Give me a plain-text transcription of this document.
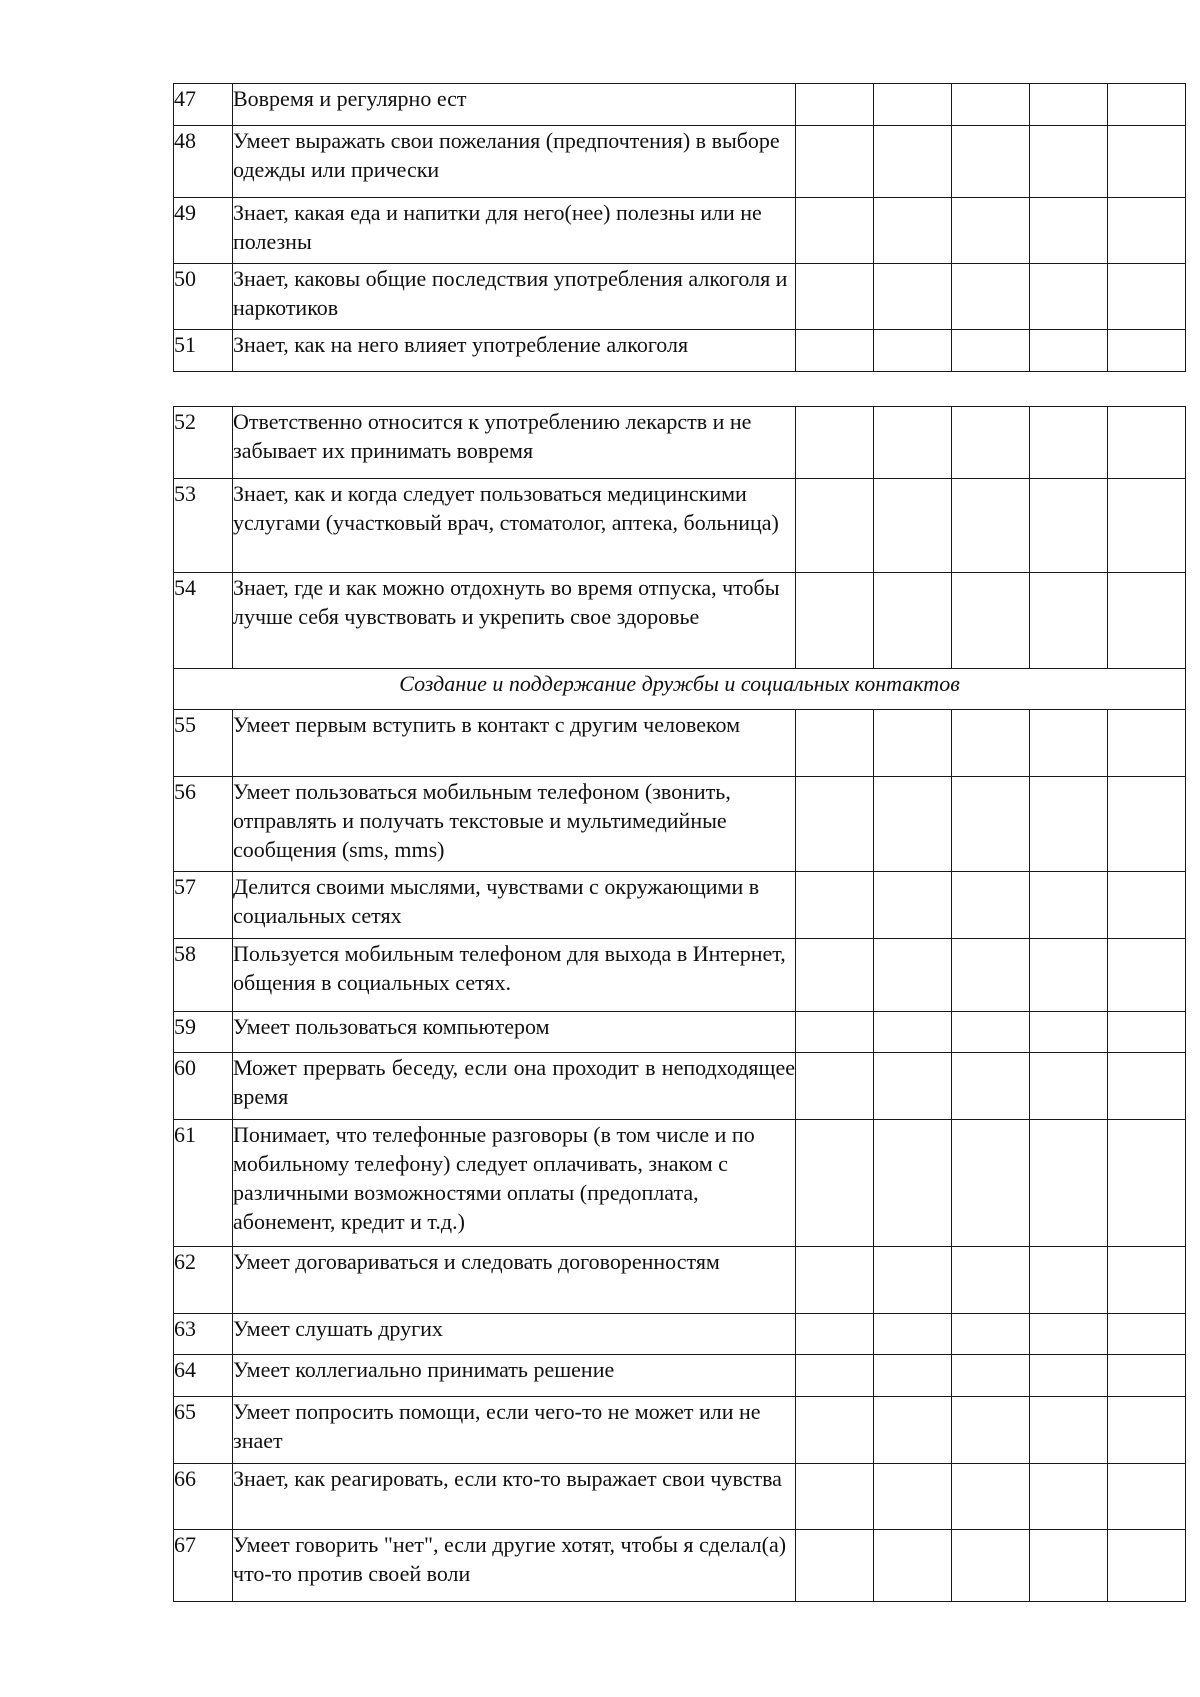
47	Вовремя и регулярно ест					
48	Умеет выражать свои пожелания (предпочтения) в выборе одежды или прически					
49	Знает, какая еда и напитки для него(нее) полезны или не полезны					
50	Знает, каковы общие последствия употребления алкоголя и наркотиков					
51	Знает, как на него влияет употребление алкоголя					
52	Ответственно относится к употреблению лекарств и не забывает их принимать вовремя					
53	Знает, как и когда следует пользоваться медицинскими услугами (участковый врач, стоматолог, аптека, больница)					
54	Знает, где и как можно отдохнуть во время отпуска, чтобы лучше себя чувствовать и укрепить свое здоровье					
Создание и поддержание дружбы и социальных контактов						
55	Умеет первым вступить в контакт с другим человеком					
56	Умеет пользоваться мобильным телефоном (звонить, отправлять и получать текстовые и мультимедийные сообщения (sms, mms)					
57	Делится своими мыслями, чувствами с окружающими в социальных сетях					
58	Пользуется мобильным телефоном для выхода в Интернет, общения в социальных сетях.					
59	Умеет пользоваться компьютером					
60	Может прервать беседу, если она проходит в неподходящее время					
61	Понимает, что телефонные разговоры (в том числе и по мобильному телефону) следует оплачивать, знаком с различными возможностями оплаты (предоплата, абонемент, кредит и т.д.)					
62	Умеет договариваться и следовать договоренностям					
63	Умеет слушать других					
64	Умеет коллегиально принимать решение					
65	Умеет попросить помощи, если чего-то не может или не знает					
66	Знает, как реагировать, если кто-то выражает свои чувства					
67	Умеет говорить "нет", если другие хотят, чтобы я сделал(а) что-то против своей воли					
